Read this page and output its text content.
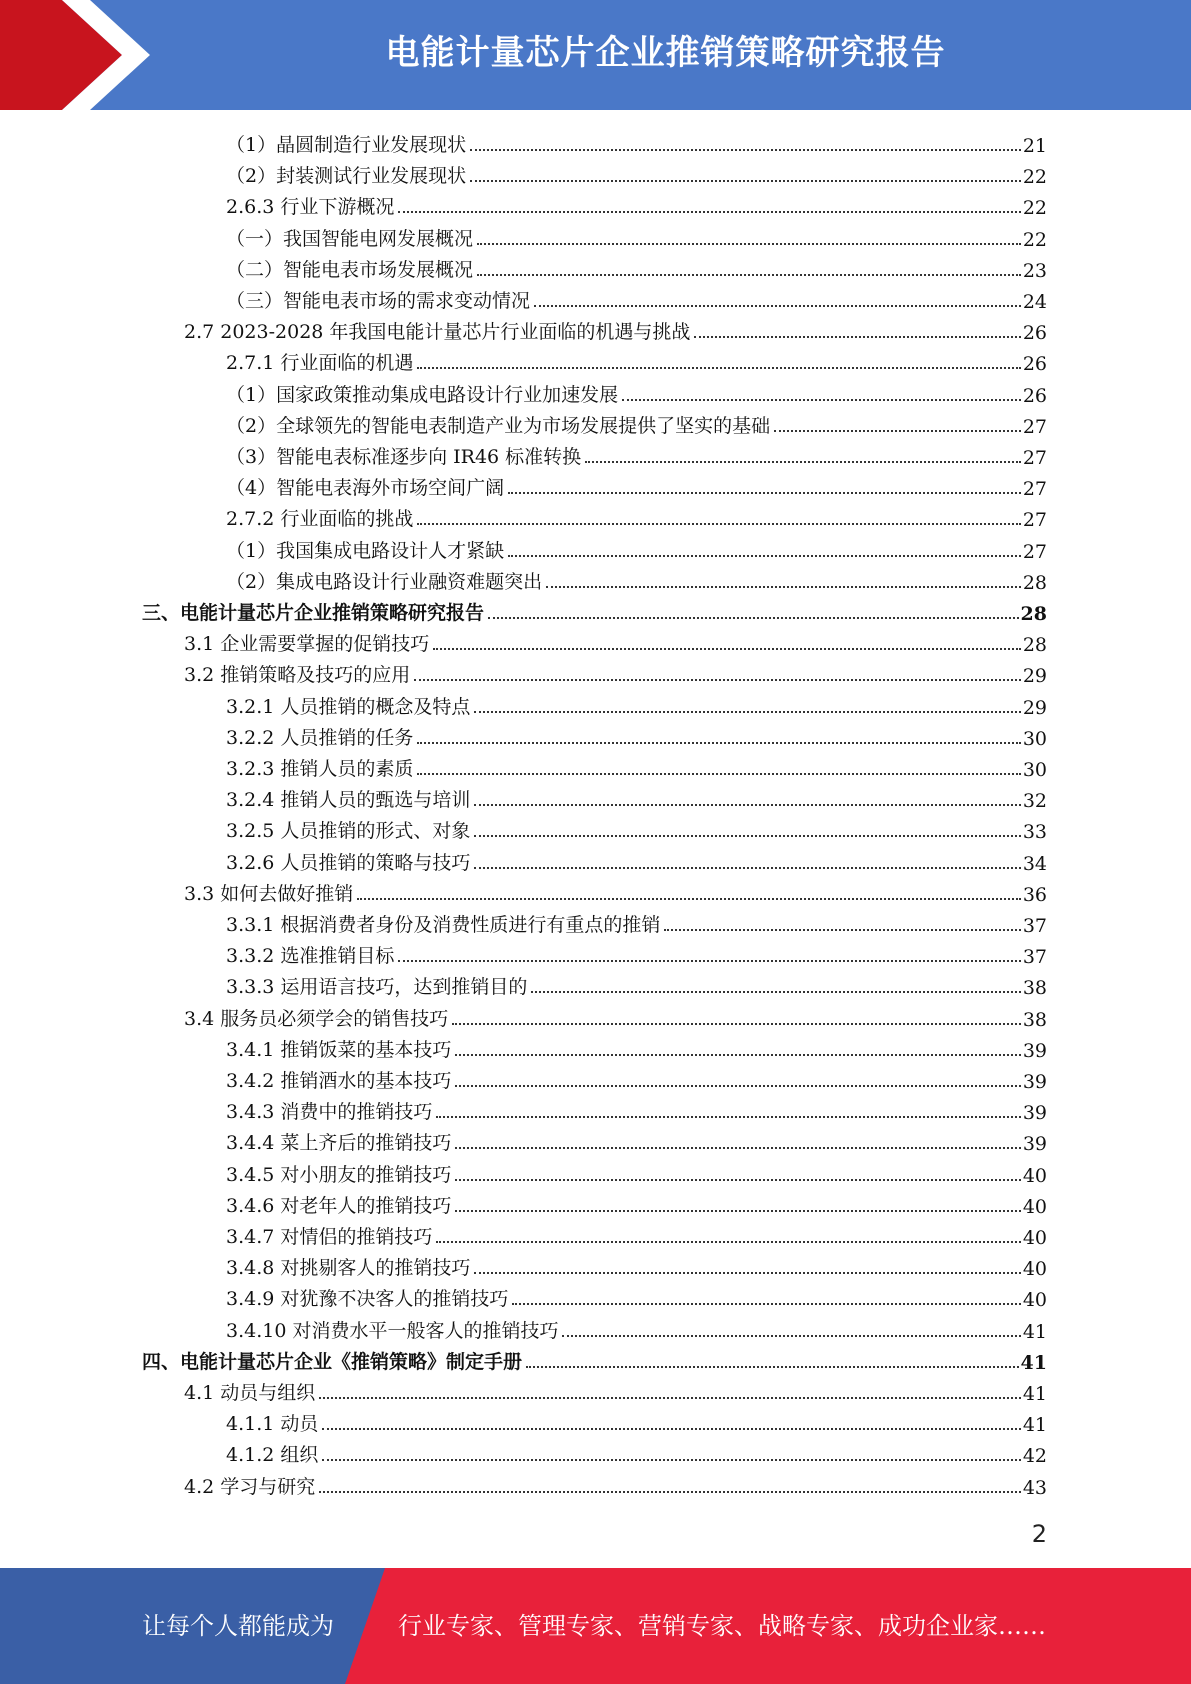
电能计量芯片企业推销策略研究报告
（1）晶圆制造行业发展现状	21
（2）封装测试行业发展现状	22
2.6.3 行业下游概况	22
（一）我国智能电网发展概况	22
（二）智能电表市场发展概况	23
（三）智能电表市场的需求变动情况	24
2.7 2023-2028 年我国电能计量芯片行业面临的机遇与挑战	26
2.7.1 行业面临的机遇	26
（1）国家政策推动集成电路设计行业加速发展	26
（2）全球领先的智能电表制造产业为市场发展提供了坚实的基础	27
（3）智能电表标准逐步向 IR46 标准转换	27
（4）智能电表海外市场空间广阔	27
2.7.2 行业面临的挑战	27
（1）我国集成电路设计人才紧缺	27
（2）集成电路设计行业融资难题突出	28
三、电能计量芯片企业推销策略研究报告	28
3.1 企业需要掌握的促销技巧	28
3.2 推销策略及技巧的应用	29
3.2.1 人员推销的概念及特点	29
3.2.2 人员推销的任务	30
3.2.3 推销人员的素质	30
3.2.4 推销人员的甄选与培训	32
3.2.5 人员推销的形式、对象	33
3.2.6 人员推销的策略与技巧	34
3.3 如何去做好推销	36
3.3.1 根据消费者身份及消费性质进行有重点的推销	37
3.3.2 选准推销目标	37
3.3.3 运用语言技巧，达到推销目的	38
3.4 服务员必须学会的销售技巧	38
3.4.1 推销饭菜的基本技巧	39
3.4.2 推销酒水的基本技巧	39
3.4.3 消费中的推销技巧	39
3.4.4 菜上齐后的推销技巧	39
3.4.5 对小朋友的推销技巧	40
3.4.6 对老年人的推销技巧	40
3.4.7 对情侣的推销技巧	40
3.4.8 对挑剔客人的推销技巧	40
3.4.9 对犹豫不决客人的推销技巧	40
3.4.10 对消费水平一般客人的推销技巧	41
四、电能计量芯片企业《推销策略》制定手册	41
4.1 动员与组织	41
4.1.1 动员	41
4.1.2 组织	42
4.2 学习与研究	43
2
让每个人都能成为	行业专家、管理专家、营销专家、战略专家、成功企业家……
